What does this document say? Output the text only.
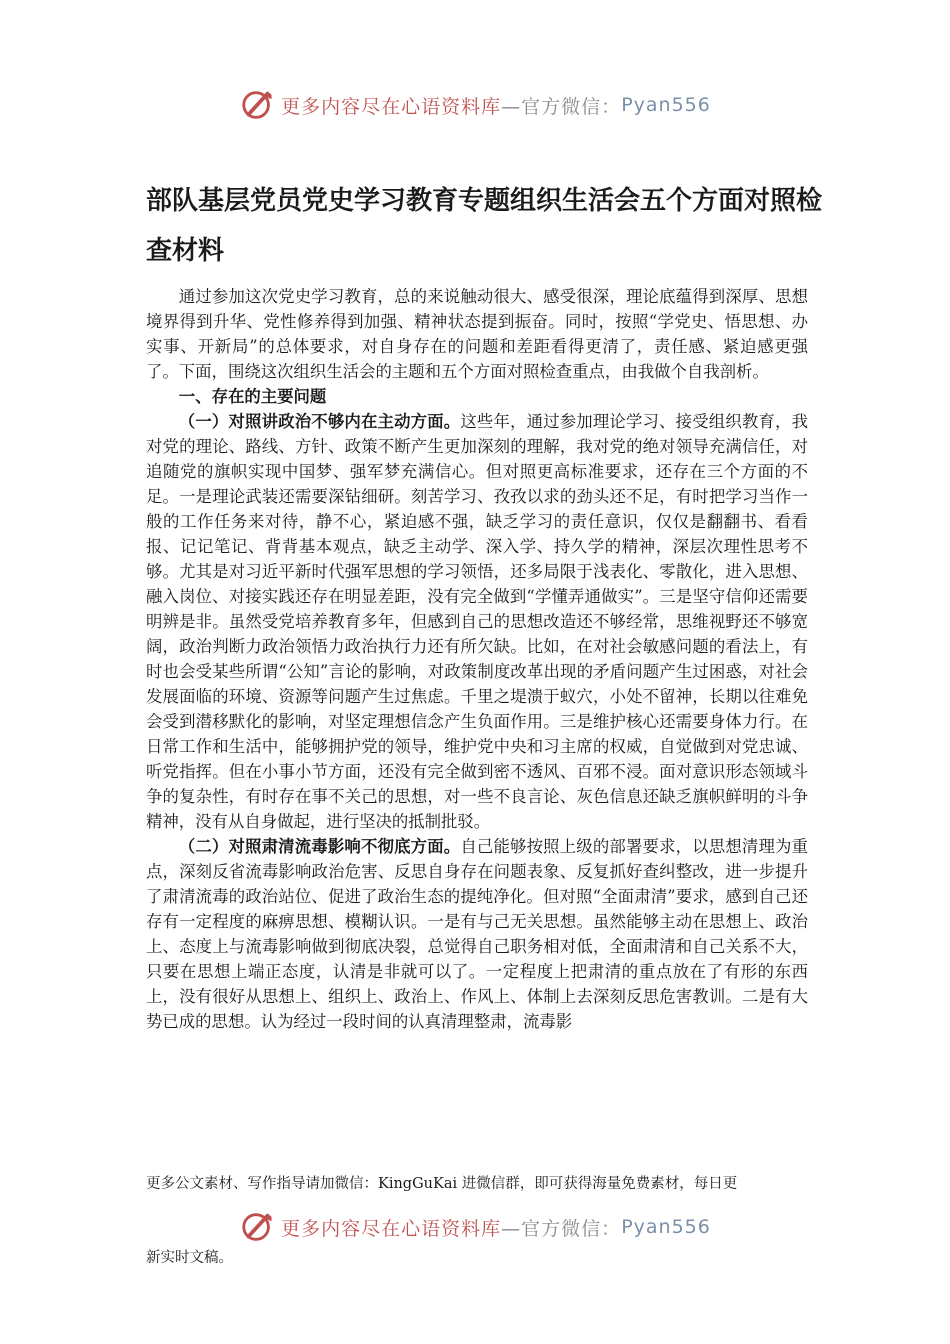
更多内容尽在心语资料库 —官方微信： Pyan556
部队基层党员党史学习教育专题组织生活会五个方面对照检查材料

通过参加这次党史学习教育，总的来说触动很大、感受很深，理论底蕴得到深厚、思想境界得到升华、党性修养得到加强、精神状态提到振奋。同时，按照“学党史、悟思想、办实事、开新局”的总体要求，对自身存在的问题和差距看得更清了，责任感、紧迫感更强了。下面，围绕这次组织生活会的主题和五个方面对照检查重点，由我做个自我剖析。

一、存在的主要问题

（一）对照讲政治不够内在主动方面。这些年，通过参加理论学习、接受组织教育，我对党的理论、路线、方针、政策不断产生更加深刻的理解，我对党的绝对领导充满信任，对追随党的旗帜实现中国梦、强军梦充满信心。但对照更高标准要求，还存在三个方面的不足。一是理论武装还需要深钻细研。刻苦学习、孜孜以求的劲头还不足，有时把学习当作一般的工作任务来对待，静不心，紧迫感不强，缺乏学习的责任意识，仅仅是翻翻书、看看报、记记笔记、背背基本观点，缺乏主动学、深入学、持久学的精神，深层次理性思考不够。尤其是对习近平新时代强军思想的学习领悟，还多局限于浅表化、零散化，进入思想、融入岗位、对接实践还存在明显差距，没有完全做到“学懂弄通做实”。三是坚守信仰还需要明辨是非。虽然受党培养教育多年，但感到自己的思想改造还不够经常，思维视野还不够宽阔，政治判断力政治领悟力政治执行力还有所欠缺。比如，在对社会敏感问题的看法上，有时也会受某些所谓“公知”言论的影响，对政策制度改革出现的矛盾问题产生过困惑，对社会发展面临的环境、资源等问题产生过焦虑。千里之堤溃于蚁穴，小处不留神，长期以往难免会受到潜移默化的影响，对坚定理想信念产生负面作用。三是维护核心还需要身体力行。在日常工作和生活中，能够拥护党的领导，维护党中央和习主席的权威，自觉做到对党忠诚、听党指挥。但在小事小节方面，还没有完全做到密不透风、百邪不浸。面对意识形态领域斗争的复杂性，有时存在事不关己的思想，对一些不良言论、灰色信息还缺乏旗帜鲜明的斗争精神，没有从自身做起，进行坚决的抵制批驳。

（二）对照肃清流毒影响不彻底方面。自己能够按照上级的部署要求，以思想清理为重点，深刻反省流毒影响政治危害、反思自身存在问题表象、反复抓好查纠整改，进一步提升了肃清流毒的政治站位、促进了政治生态的提纯净化。但对照“全面肃清”要求，感到自己还存有一定程度的麻痹思想、模糊认识。一是有与己无关思想。虽然能够主动在思想上、政治上、态度上与流毒影响做到彻底决裂，总觉得自己职务相对低，全面肃清和自己关系不大，只要在思想上端正态度，认清是非就可以了。一定程度上把肃清的重点放在了有形的东西上，没有很好从思想上、组织上、政治上、作风上、体制上去深刻反思危害教训。二是有大势已成的思想。认为经过一段时间的认真清理整肃，流毒影

更多公文素材、写作指导请加微信：KingGuKai 进微信群，即可获得海量免费素材，每日更
更多内容尽在心语资料库 —官方微信： Pyan556
新实时文稿。
